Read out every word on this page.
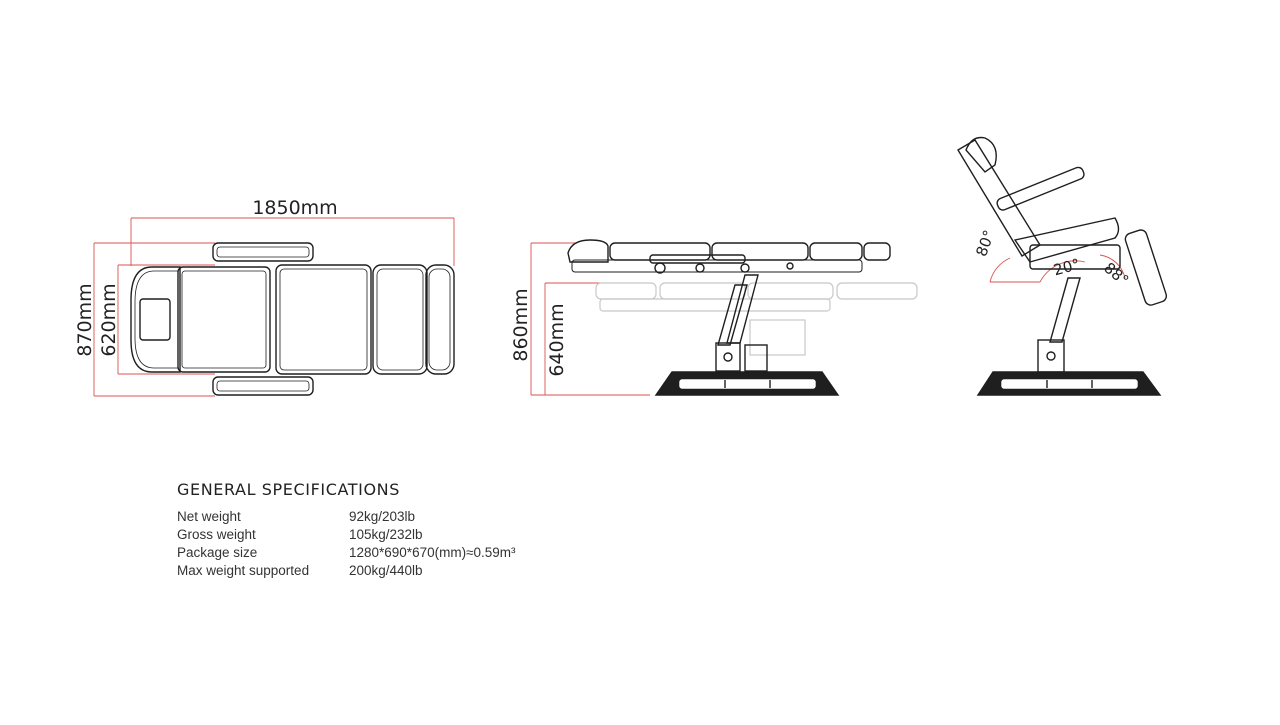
1850mm
870mm 620mm	860mm 640mm
80°
20° 88°
GENERAL SPECIFICATIONS
Net weight	92kg/203lb
Gross weight	105kg/232lb
Package size	1280*690*670(mm)≈0.59m³
Max weight supported	200kg/440lb
